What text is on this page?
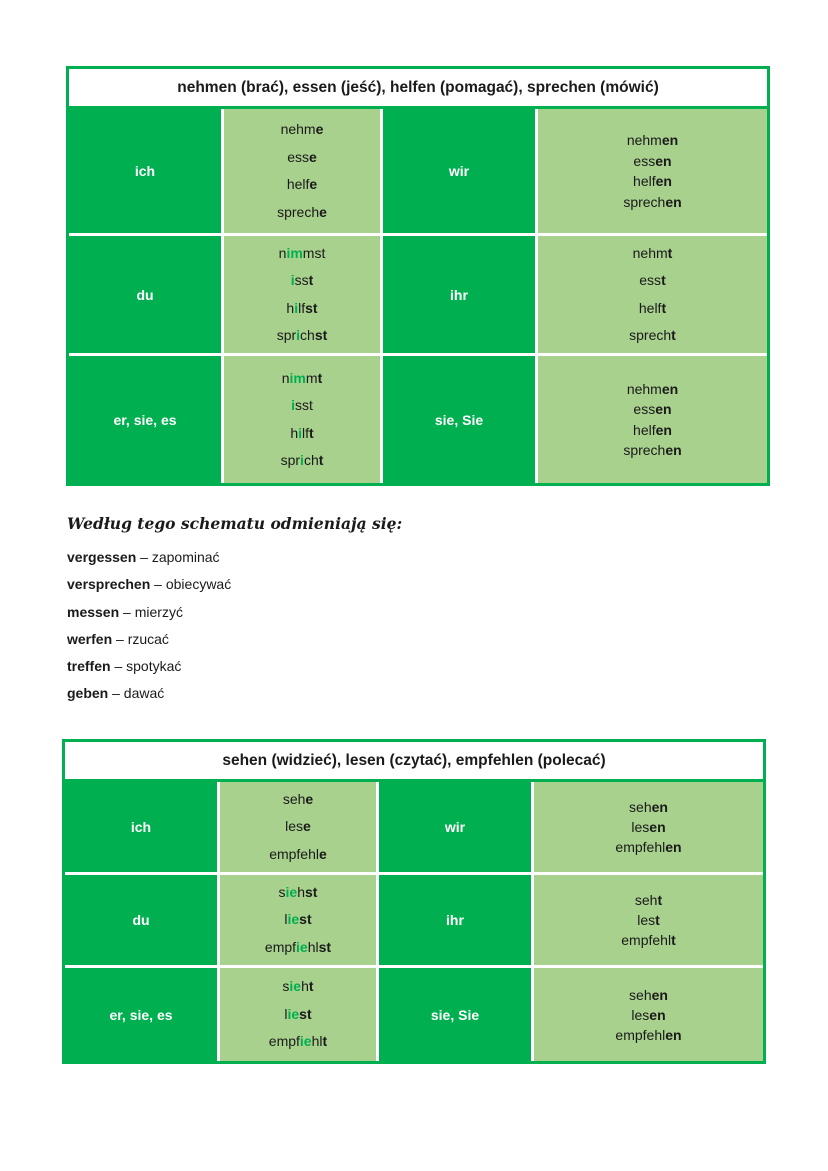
nehmen (brać), essen (jeść), helfen (pomagać), sprechen (mówić)
ich
nehme
esse
helfe
spreche
wir
nehmen
essen
helfen
sprechen
du
nimmst
isst
hilfst
sprichst
ihr
nehmt
esst
helft
sprecht
er, sie, es
nimmt
isst
hilft
spricht
sie, Sie
nehmen
essen
helfen
sprechen
Według tego schematu odmieniają się:
vergessen – zapominać
versprechen – obiecywać
messen – mierzyć
werfen – rzucać
treffen – spotykać
geben – dawać
sehen (widzieć), lesen (czytać), empfehlen (polecać)
ich
sehe
lese
empfehle
wir
sehen
lesen
empfehlen
du
siehst
liest
empfiehlst
ihr
seht
lest
empfehlt
er, sie, es
sieht
liest
empfiehlt
sie, Sie
sehen
lesen
empfehlen
